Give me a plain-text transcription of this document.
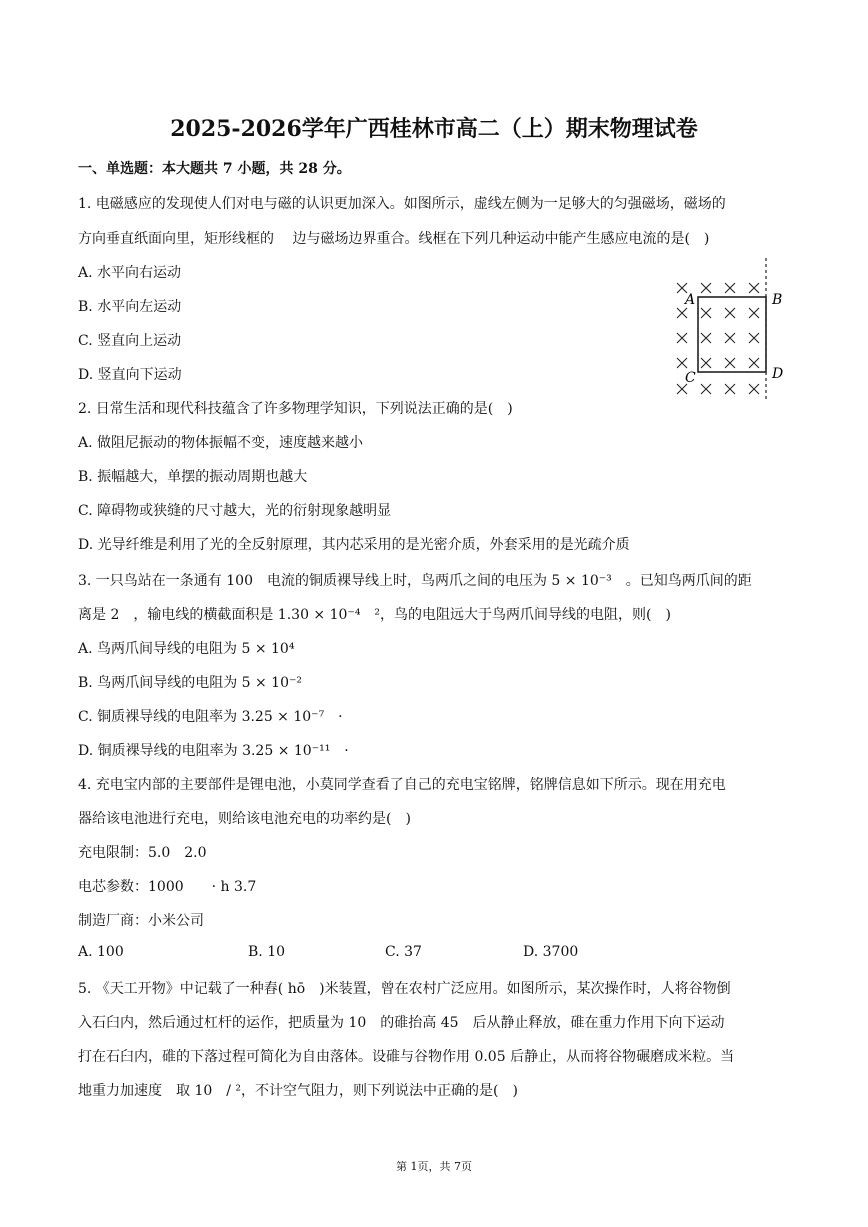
2025-2026学年广西桂林市高二（上）期末物理试卷
一、单选题：本大题共 7 小题，共 28 分。
1. 电磁感应的发现使人们对电与磁的认识更加深入。如图所示，虚线左侧为一足够大的匀强磁场，磁场的
方向垂直纸面向里，矩形线框的　 边与磁场边界重合。线框在下列几种运动中能产生感应电流的是(　)
A. 水平向右运动
B. 水平向左运动
C. 竖直向上运动
D. 竖直向下运动
A	B
C	D
2. 日常生活和现代科技蕴含了许多物理学知识，下列说法正确的是(　)
A. 做阻尼振动的物体振幅不变，速度越来越小
B. 振幅越大，单摆的振动周期也越大
C. 障碍物或狭缝的尺寸越大，光的衍射现象越明显
D. 光导纤维是利用了光的全反射原理，其内芯采用的是光密介质，外套采用的是光疏介质
3. 一只鸟站在一条通有 100　电流的铜质裸导线上时，鸟两爪之间的电压为 5 × 10⁻³　。已知鸟两爪间的距
离是 2　，输电线的横截面积是 1.30 × 10⁻⁴　²，鸟的电阻远大于鸟两爪间导线的电阻，则(　)
A. 鸟两爪间导线的电阻为 5 × 10⁴
B. 鸟两爪间导线的电阻为 5 × 10⁻²
C. 铜质裸导线的电阻率为 3.25 × 10⁻⁷　·
D. 铜质裸导线的电阻率为 3.25 × 10⁻¹¹　·
4. 充电宝内部的主要部件是锂电池，小莫同学查看了自己的充电宝铭牌，铭牌信息如下所示。现在用充电
器给该电池进行充电，则给该电池充电的功率约是(　)
充电限制：5.0　2.0
电芯参数：1000　　· h 3.7
制造厂商：小米公司
A. 100	B. 10	C. 37	D. 3700
5. 《天工开物》中记载了一种舂( hō　)米装置，曾在农村广泛应用。如图所示，某次操作时，人将谷物倒
入石臼内，然后通过杠杆的运作，把质量为 10　的碓抬高 45　后从静止释放，碓在重力作用下向下运动
打在石臼内，碓的下落过程可简化为自由落体。设碓与谷物作用 0.05 后静止，从而将谷物碾磨成米粒。当
地重力加速度　取 10　/ ²，不计空气阻力，则下列说法中正确的是(　)
第 1页，共 7页
